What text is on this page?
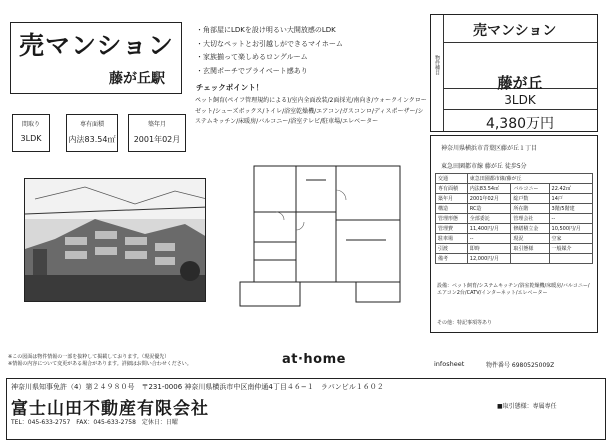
売マンション
藤が丘駅
・ 角部屋にLDKを設け明るい大開放感のLDK
・ 大切なペットとお引越しができるマイホーム
・ 家族揃って楽しめるロングルーム
・ 玄関ポーチでプライベート感あり
チェックポイント！
ペット飼育(ペイフ管理規約による)/室内全面改装/2面採光/南向き/ウォークインクローゼット/シューズボックス/トイレ/浴室乾燥機/エアコン/ガスコンロ/ディスポーザー/システムキッチン/床暖房/バルコニー/浴室テレビ/駐車場/エレベーター
間取り
3LDK
専有面積
内法83.54㎡
築年月
2001年02月
物件種目
売マンション
藤が丘
3LDK
4,380万円
神奈川県横浜市青葉区藤が丘１丁目
東急田園都市線 藤が丘 徒歩5分
交通	東急田園都市線/藤が丘		
専有面積	内法83.54㎡	バルコニー	22.42㎡
築年月	2001年02月	総戸数	14戸
構造	RC造	所在階	3階/5階建
管理形態	全部委託	管理会社	--
管理費	11,400円/月	修繕積立金	10,500円/月
駐車場	--	現況	空家
引渡	即時	取引態様	一般媒介
備考	12,000円/月		
設備：ペット飼育/システムキッチン/浴室乾燥機/床暖房/バルコニー/エアコン2台/CATV/インターネット/エレベーター
その他：特記事項等あり
※この図面は物件情報の一部を抜粋して掲載しております。（現況優先）
※情報の内容について変更がある場合があります。詳細はお問い合わせください。	at·home	infosheet	物件番号 6980525009Z
神奈川県知事免許（4）第２４９８０号　〒231-0006 神奈川県横浜市中区南仲通4丁目４６−１　ラパンビル１６０２
富士山田不動産有限会社
TEL：045-633-2757　FAX：045-633-2758　定休日：日曜
■取引態様：専属専任
